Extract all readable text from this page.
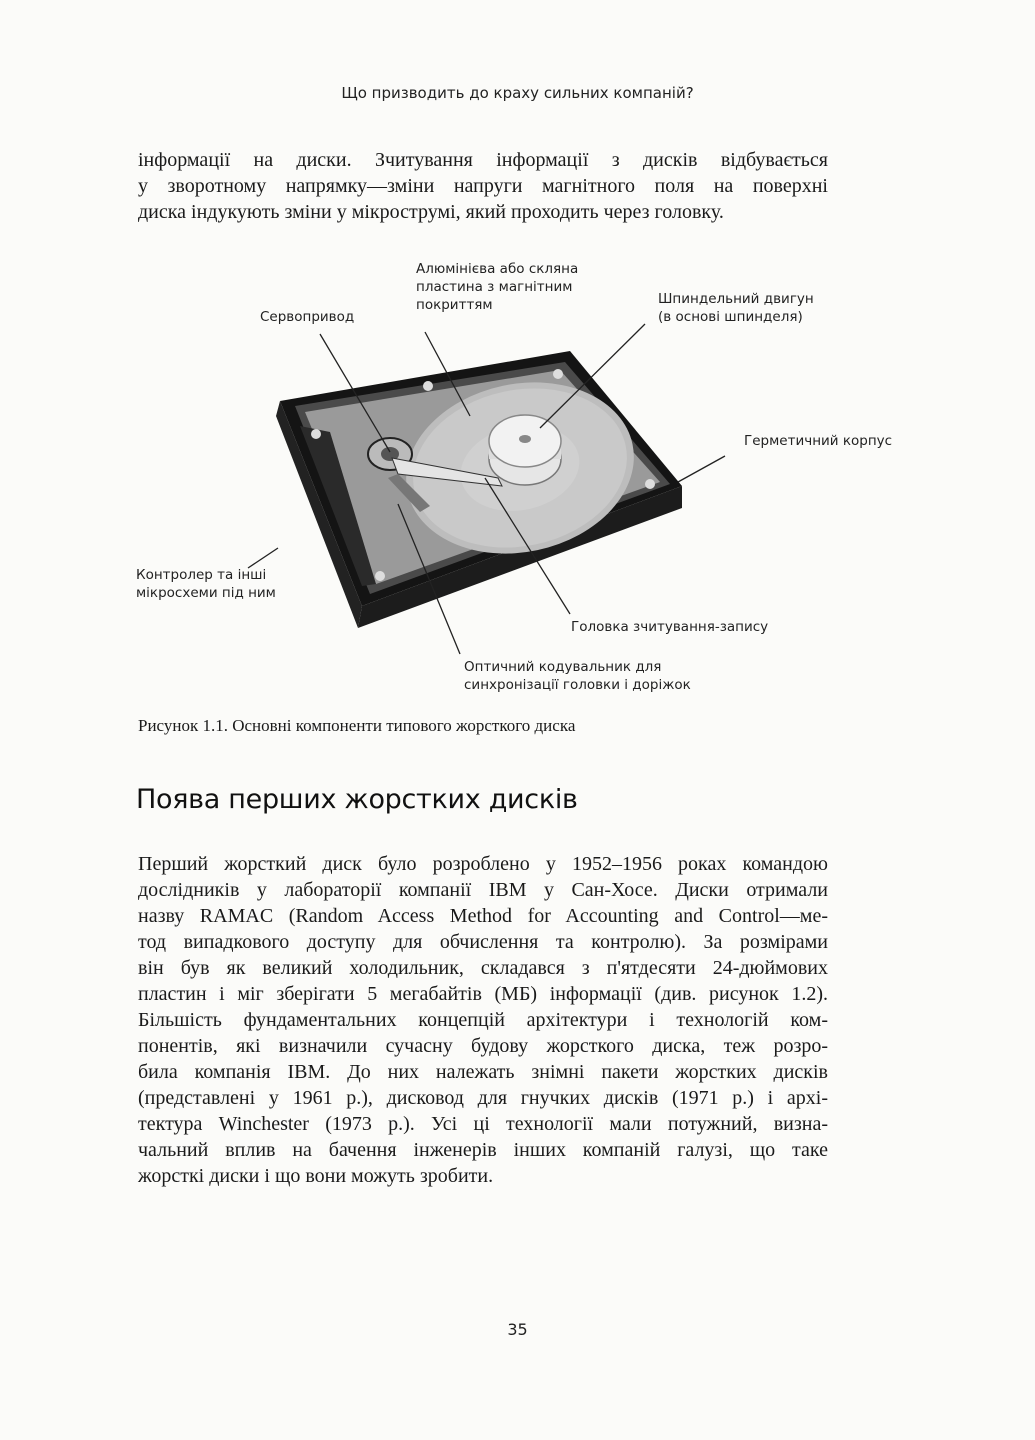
Що призводить до краху сильних компаній?

інформації на диски. Зчитування інформації з дисків відбувається
у зворотному напрямку—зміни напруги магнітного поля на поверхні
диска індукують зміни у мікрострумі, який проходить через головку.

Алюмінієва або скляна
пластина з магнітним
покриттям
Сервопривод
Шпиндельний двигун
(в основі шпинделя)
Герметичний корпус
Контролер та інші
мікросхеми під ним
Головка зчитування-запису
Оптичний кодувальник для
синхронізації головки і доріжок
Рисунок 1.1. Основні компоненти типового жорсткого диска
Поява перших жорстких дисків

Перший жорсткий диск було розроблено у 1952–1956 роках командою
дослідників у лабораторії компанії IBM у Сан-Хосе. Диски отримали
назву RAMAC (Random Access Method for Accounting and Control—ме-
тод випадкового доступу для обчислення та контролю). За розмірами
він був як великий холодильник, складався з п'ятдесяти 24-дюймових
пластин і міг зберігати 5 мегабайтів (МБ) інформації (див. рисунок 1.2).
Більшість фундаментальних концепцій архітектури і технологій ком-
понентів, які визначили сучасну будову жорсткого диска, теж розро-
била компанія IBM. До них належать знімні пакети жорстких дисків
(представлені у 1961 р.), дисковод для гнучких дисків (1971 р.) і архі-
тектура Winchester (1973 р.). Усі ці технології мали потужний, визна-
чальний вплив на бачення інженерів інших компаній галузі, що таке
жорсткі диски і що вони можуть зробити.

35
